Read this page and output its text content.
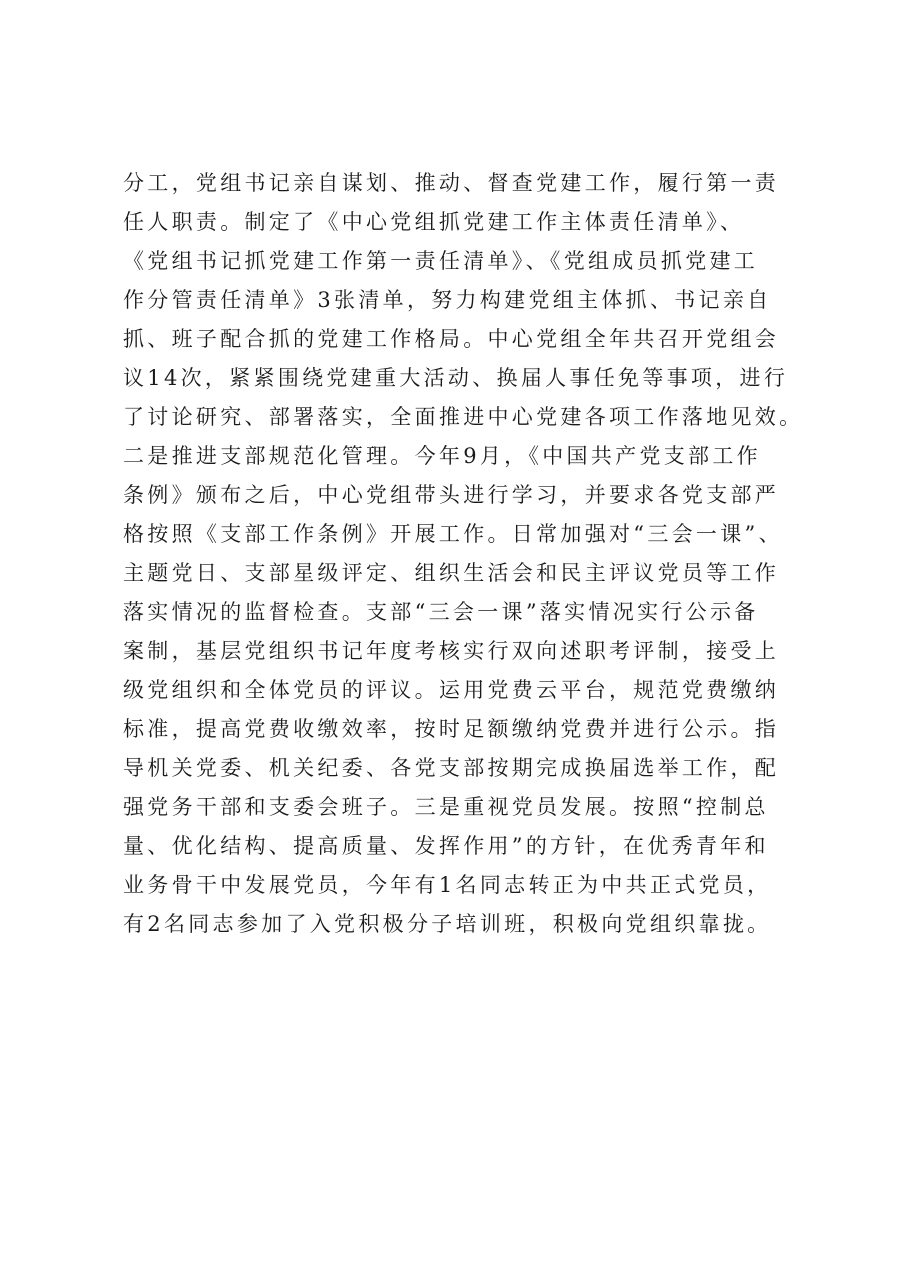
分工，党组书记亲自谋划、推动、督查党建工作，履行第一责
任人职责。制定了《中心党组抓党建工作主体责任清单》、
《党组书记抓党建工作第一责任清单》、《党组成员抓党建工
作分管责任清单》3张清单，努力构建党组主体抓、书记亲自
抓、班子配合抓的党建工作格局。中心党组全年共召开党组会
议14次，紧紧围绕党建重大活动、换届人事任免等事项，进行
了讨论研究、部署落实，全面推进中心党建各项工作落地见效。
二是推进支部规范化管理。今年9月，《中国共产党支部工作
条例》颁布之后，中心党组带头进行学习，并要求各党支部严
格按照《支部工作条例》开展工作。日常加强对“三会一课”、
主题党日、支部星级评定、组织生活会和民主评议党员等工作
落实情况的监督检查。支部“三会一课”落实情况实行公示备
案制，基层党组织书记年度考核实行双向述职考评制，接受上
级党组织和全体党员的评议。运用党费云平台，规范党费缴纳
标准，提高党费收缴效率，按时足额缴纳党费并进行公示。指
导机关党委、机关纪委、各党支部按期完成换届选举工作，配
强党务干部和支委会班子。三是重视党员发展。按照“控制总
量、优化结构、提高质量、发挥作用”的方针，在优秀青年和
业务骨干中发展党员，今年有1名同志转正为中共正式党员，
有2名同志参加了入党积极分子培训班，积极向党组织靠拢。
